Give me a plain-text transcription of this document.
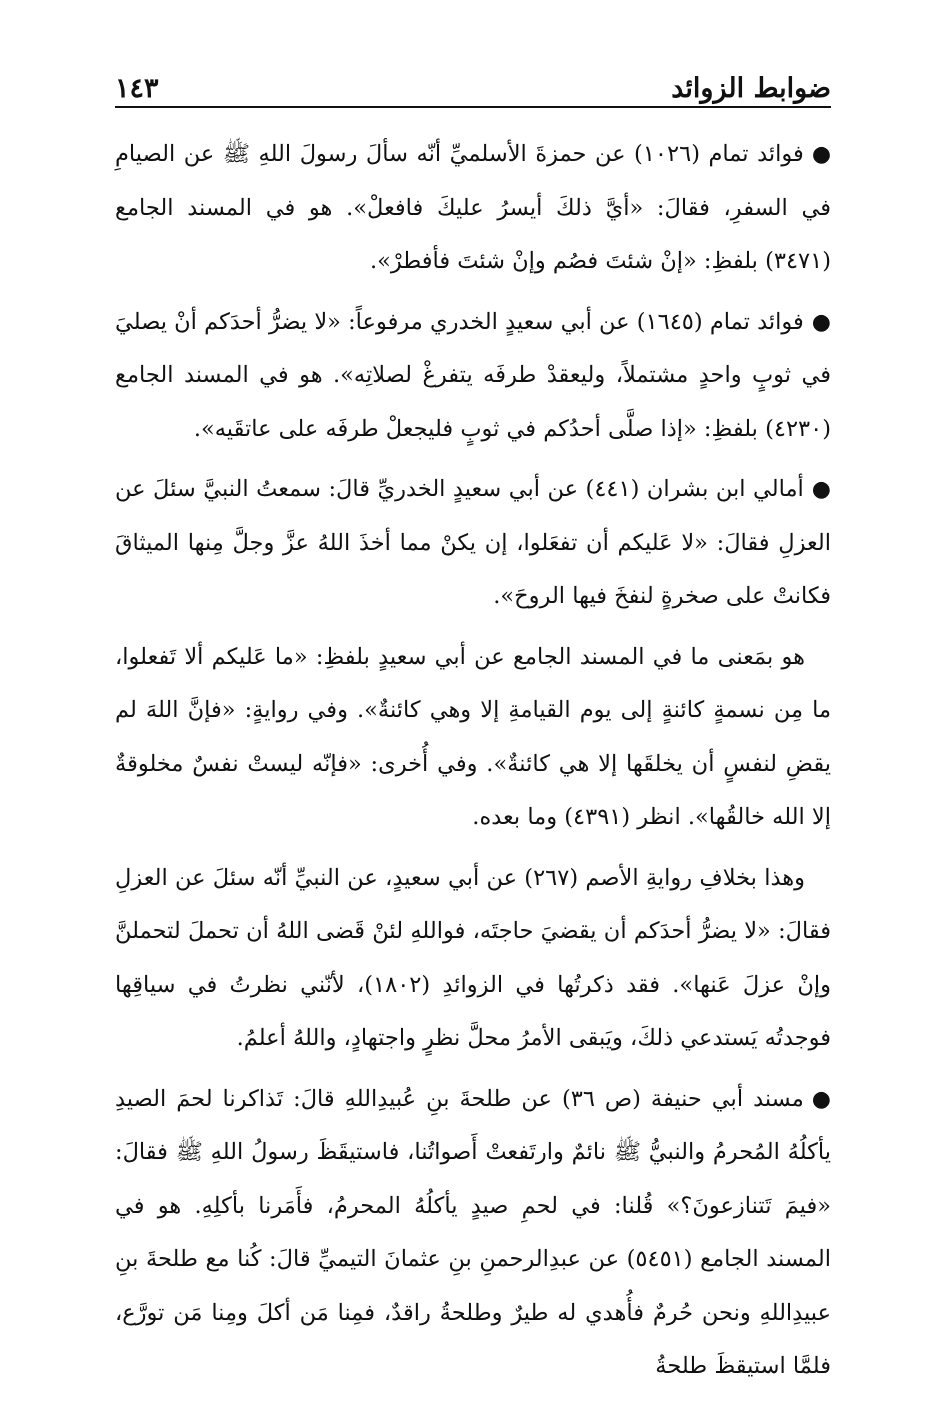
ضوابط الزوائد
١٤٣

●فوائد تمام (١٠٢٦) عن حمزةَ الأسلميِّ أنّه سألَ رسولَ اللهِ ﷺ عن الصيامِ في السفرِ، فقالَ: «أيَّ ذلكَ أيسرُ عليكَ فافعلْ». هو في المسند الجامع (٣٤٧١) بلفظِ: «إنْ شئتَ فصُم وإنْ شئتَ فأفطرْ».

●فوائد تمام (١٦٤٥) عن أبي سعيدٍ الخدري مرفوعاً: «لا يضرُّ أحدَكم أنْ يصليَ في ثوبٍ واحدٍ مشتملاً، وليعقدْ طرفَه يتفرغْ لصلاتِه». هو في المسند الجامع (٤٢٣٠) بلفظِ: «إذا صلَّى أحدُكم في ثوبٍ فليجعلْ طرفَه على عاتقَيه».

●أمالي ابن بشران (٤٤١) عن أبي سعيدٍ الخدريِّ قالَ: سمعتُ النبيَّ سئلَ عن العزلِ فقالَ: «لا عَليكم أن تفعَلوا، إن يكنْ مما أخذَ اللهُ عزَّ وجلَّ مِنها الميثاقَ فكانتْ على صخرةٍ لنفخَ فيها الروحَ».

هو بمَعنى ما في المسند الجامع عن أبي سعيدٍ بلفظِ: «ما عَليكم ألا تَفعلوا، ما مِن نسمةٍ كائنةٍ إلى يوم القيامةِ إلا وهي كائنةٌ». وفي روايةٍ: «فإنَّ اللهَ لم يقضِ لنفسٍ أن يخلقَها إلا هي كائنةٌ». وفي أُخرى: «فإنّه ليستْ نفسٌ مخلوقةٌ إلا الله خالقُها». انظر (٤٣٩١) وما بعده.

وهذا بخلافِ روايةِ الأصم (٢٦٧) عن أبي سعيدٍ، عن النبيِّ أنّه سئلَ عن العزلِ فقالَ: «لا يضرُّ أحدَكم أن يقضيَ حاجتَه، فواللهِ لئنْ قَضى اللهُ أن تحملَ لتحملنَّ وإنْ عزلَ عَنها». فقد ذكرتُها في الزوائدِ (١٨٠٢)، لأنّني نظرتُ في سياقِها فوجدتُه يَستدعي ذلكَ، ويَبقى الأمرُ محلَّ نظرٍ واجتهادٍ، واللهُ أعلمُ.

●مسند أبي حنيفة (ص ٣٦) عن طلحةَ بنِ عُبيدِاللهِ قالَ: تَذاكرنا لحمَ الصيدِ يأكلُهُ المُحرمُ والنبيُّ ﷺ نائمٌ وارتَفعتْ أَصواتُنا، فاستيقَظَ رسولُ اللهِ ﷺ فقالَ: «فيمَ تَتنازعونَ؟» قُلنا: في لحمِ صيدٍ يأكلُهُ المحرمُ، فأَمَرنا بأكلِهِ. هو في المسند الجامع (٥٤٥١) عن عبدِالرحمنِ بنِ عثمانَ التيميِّ قالَ: كُنا مع طلحةَ بنِ عبيدِاللهِ ونحن حُرمٌ فأُهدي له طيرٌ وطلحةُ راقدٌ، فمِنا مَن أكلَ ومِنا مَن تورَّع، فلمَّا استيقظَ طلحةُ
